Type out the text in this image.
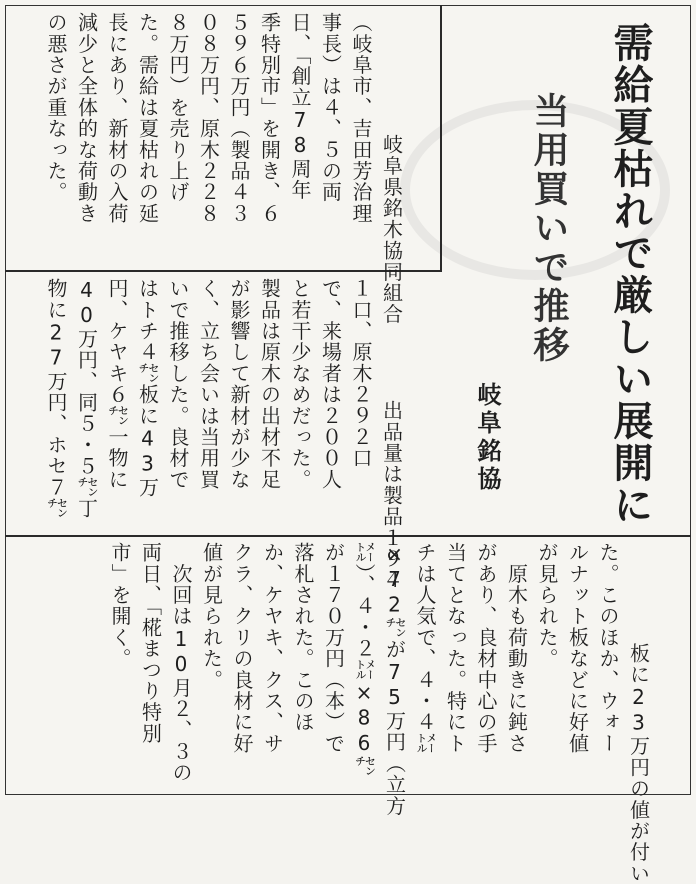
需給夏枯れで厳しい展開に
当用買いで推移
岐阜銘協

　岐阜県銘木協同組合
（岐阜市、吉田芳治理
事長）は４、５の両
日、「創立78周年
季特別市」を開き、６
５９６万円（製品４３
０８万円、原木２２８
８万円）を売り上げ
た。需給は夏枯れの延
長にあり、新材の入荷
減少と全体的な荷動き
の悪さが重なった。

　出品量は製品１９４
１口、原木２９２口
で、来場者は２００人
と若干少なめだった。
製品は原木の出材不足
が影響して新材が少な
く、立ち会いは当用買
いで推移した。良材で
はトチ４㌢板に43万
円、ケヤキ６㌢一物に
40万円、同５・５㌢丁
物に27万円、ホセ７㌢

板に23万円の値が付い
た。このほか、ウォー
ルナット板などに好値
が見られた。
　原木も荷動きに鈍さ
があり、良材中心の手
当てとなった。特にト
チは人気で、４・４㍍
×72㌢が75万円（立方
㍍）、４・２㍍×86㌢
が１７０万円（本）で
落札された。このほ
か、ケヤキ、クス、サ
クラ、クリの良材に好
値が見られた。
　次回は10月２、３の
両日、「椛まつり特別
市」を開く。
